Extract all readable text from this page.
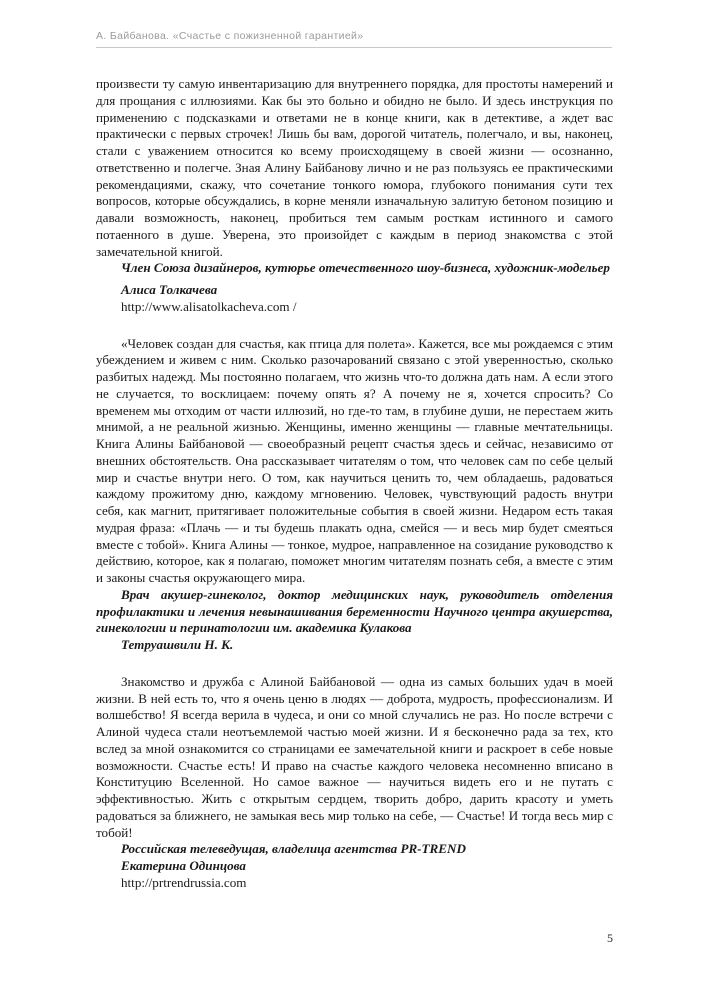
А. Байбанова. «Счастье с пожизненной гарантией»

произвести ту самую инвентаризацию для внутреннего порядка, для простоты намерений и для прощания с иллюзиями. Как бы это больно и обидно не было. И здесь инструкция по применению с подсказками и ответами не в конце книги, как в детективе, а ждет вас практически с первых строчек! Лишь бы вам, дорогой читатель, полегчало, и вы, наконец, стали с уважением относится ко всему происходящему в своей жизни — осознанно, ответственно и полегче. Зная Алину Байбанову лично и не раз пользуясь ее практическими рекомендациями, скажу, что сочетание тонкого юмора, глубокого понимания сути тех вопросов, которые обсуждались, в корне меняли изначальную залитую бетоном позицию и давали возможность, наконец, пробиться тем самым росткам истинного и самого потаенного в душе. Уверена, это произойдет с каждым в период знакомства с этой замечательной книгой.

Член Союза дизайнеров, кутюрье отечественного шоу-бизнеса, художник-модельер

Алиса Толкачева

http://www.alisatolkacheva.com /

«Человек создан для счастья, как птица для полета». Кажется, все мы рождаемся с этим убеждением и живем с ним. Сколько разочарований связано с этой уверенностью, сколько разбитых надежд. Мы постоянно полагаем, что жизнь что-то должна дать нам. А если этого не случается, то восклицаем: почему опять я? А почему не я, хочется спросить? Со временем мы отходим от части иллюзий, но где-то там, в глубине души, не перестаем жить мнимой, а не реальной жизнью. Женщины, именно женщины — главные мечтательницы. Книга Алины Байбановой — своеобразный рецепт счастья здесь и сейчас, независимо от внешних обстоятельств. Она рассказывает читателям о том, что человек сам по себе целый мир и счастье внутри него. О том, как научиться ценить то, чем обладаешь, радоваться каждому прожитому дню, каждому мгновению. Человек, чувствующий радость внутри себя, как магнит, притягивает положительные события в своей жизни. Недаром есть такая мудрая фраза: «Плачь — и ты будешь плакать одна, смейся — и весь мир будет смеяться вместе с тобой». Книга Алины — тонкое, мудрое, направленное на созидание руководство к действию, которое, как я полагаю, поможет многим читателям познать себя, а вместе с этим и законы счастья окружающего мира.

Врач акушер-гинеколог, доктор медицинских наук, руководитель отделения профилактики и лечения невынашивания беременности Научного центра акушерства, гинекологии и перинатологии им. академика Кулакова

Тетруашвили Н. К.

Знакомство и дружба с Алиной Байбановой — одна из самых больших удач в моей жизни. В ней есть то, что я очень ценю в людях — доброта, мудрость, профессионализм. И волшебство! Я всегда верила в чудеса, и они со мной случались не раз. Но после встречи с Алиной чудеса стали неотъемлемой частью моей жизни. И я бесконечно рада за тех, кто вслед за мной ознакомится со страницами ее замечательной книги и раскроет в себе новые возможности. Счастье есть! И право на счастье каждого человека несомненно вписано в Конституцию Вселенной. Но самое важное — научиться видеть его и не путать с эффективностью. Жить с открытым сердцем, творить добро, дарить красоту и уметь радоваться за ближнего, не замыкая весь мир только на себе, — Счастье! И тогда весь мир с тобой!

Российская телеведущая, владелица агентства PR-TREND

Екатерина Одинцова

http://prtrendrussia.com

5
